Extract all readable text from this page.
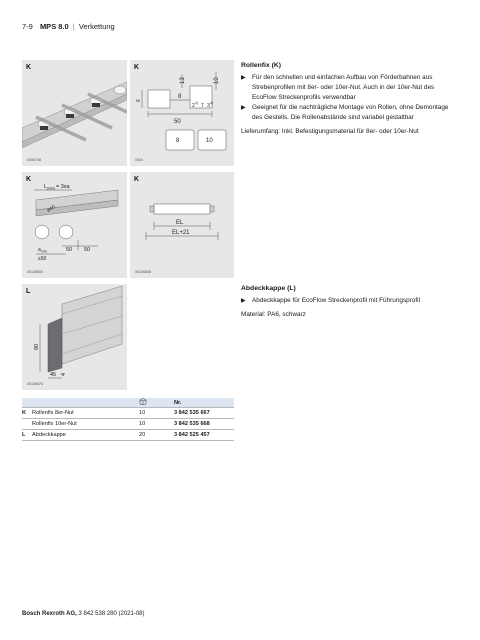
7-9 MPS 8.0 | Verkettung
K
0054738
10
13
6
8
2 1) 7 3 1)
50
8	10
K
0544
L (min) = 3xa
ø40
a min
≥50
50 50
K
00136809
EL
EL+21
K
00136808
80
45 4
L
00136876
Rollenfix (K)
▶ Für den schnellen und einfachen Aufbau von Förderbahnen aus Strebenprofilen mit 8er- oder 10er-Nut. Auch in der 10er-Nut des EcoFlow Streckenprofils verwendbar
▶ Geeignet für die nachträgliche Montage von Rollen, ohne Demontage des Gestells. Die Rollenabstände sind variabel gestaltbar

Lieferumfang: Inkl. Befestigungsmaterial für 8er- oder 10er-Nut

Abdeckkappe (L)
▶ Abdeckkappe für EcoFlow Streckenprofil mit Führungsprofil

Material: PA6, schwarz

			Nr.
K	Rollenfix 8er-Nut	10	3 842 535 667
	Rollenfix 10er-Nut	10	3 842 535 668
L	Abdeckkappe	20	3 842 525 457
Bosch Rexroth AG, 3 842 538 280 (2021-08)
